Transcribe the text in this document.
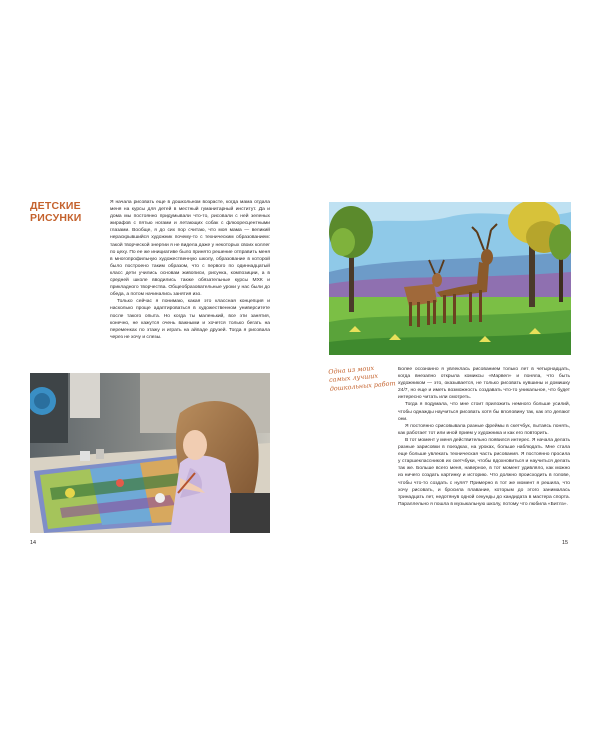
ДЕТСКИЕ
РИСУНКИ

Я начала рисовать еще в дошкольном возрасте, когда мама отдала меня на курсы для детей в местный гуманитарный институт. Да и дома мы постоянно придумывали что-то, рисовали с ней зеленых жирафов с пятью ногами и летающих собак с флюоресцентными глазами. Вообще, я до сих пор считаю, что моя мама — великий нераскрывшийся художник почему-то с техническим образованием: такой творческой энергии я не видела даже у некоторых своих коллег по цеху. По ее же инициативе было принято решение отправить меня в многопрофильную художественную школу, образование в которой было построено таким образом, что с первого по одиннадцатый класс дети учились основам живописи, рисунка, композиции, а в средней школе вводились также обязательные курсы МХК и прикладного творчества. Общеобразовательные уроки у нас были до обеда, а потом начинались занятия изо.

Только сейчас я понимаю, какая это классная концепция и насколько проще адаптироваться в художественном университете после такого опыта. Но когда ты маленький, все эти занятия, конечно, не кажутся очень важными и хочется только бегать на переменках по этажу и играть на айпаде друзей. Тогда я рисовала через не хочу и слезы.

14
Одна из моих самых лучших дошкольных работ

Более осознанно я увлеклась рисованием только лет в четырнадцать, когда внезапно открыла комиксы «Марвел» и поняла, что быть художником — это, оказывается, не только рисовать кувшины и домишку 24/7, но еще и иметь возможность создавать что-то уникальное, что будет интересно читать или смотреть.

Тогда я подумала, что мне стоит приложить немного больше усилий, чтобы однажды научиться рисовать хотя бы вполовину так, как это делают они.

Я постоянно срисовывала разные фреймы в скетчбук, пытаясь понять, как работает тот или иной прием у художника и как его повторить.

В тот момент у меня действительно появился интерес. Я начала делать разные зарисовки в поездках, на уроках, больше наблюдать. Мне стала еще больше увлекать техническая часть рисования. Я постоянно просила у старшеклассников их скетчбуки, чтобы вдохновиться и научиться делать так же. Больше всего меня, наверное, в тот момент удивляло, как можно из ничего создать картинку и историю. Что должно происходить в голове, чтобы что-то создать с нуля? Примерно в тот же момент я решила, что хочу рисовать, и бросила плавание, которым до этого занималась тринадцать лет, недотянув одной секунды до кандидата в мастера спорта. Параллельно я пошла в музыкальную школу, потому что любила «Битлз».

15
